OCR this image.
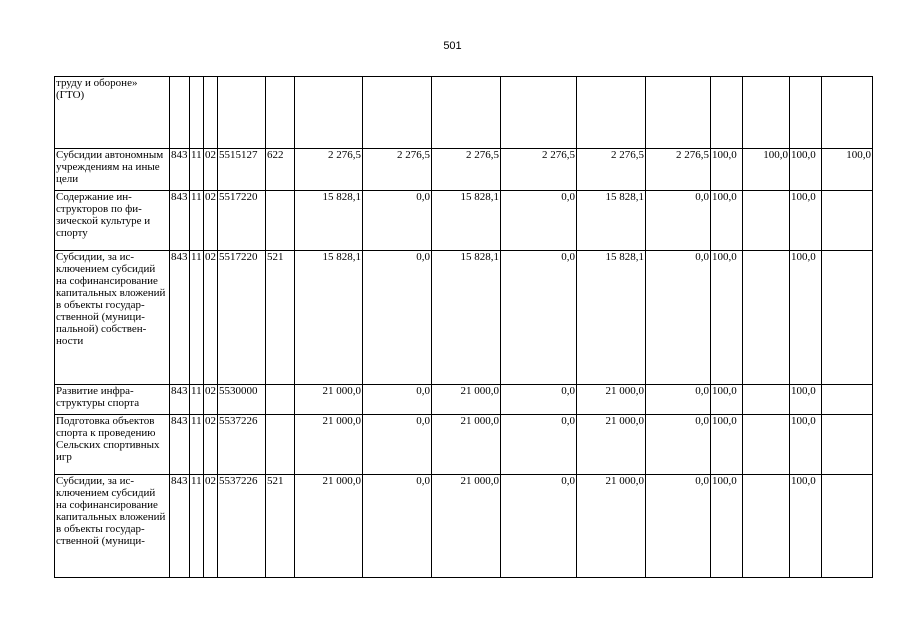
501
труду и обороне» (ГТО)															
Субсидии автономным учреждениям на иные цели	843	11	02	5515127	622	2 276,5	2 276,5	2 276,5	2 276,5	2 276,5	2 276,5	100,0	100,0	100,0	100,0
Содержание инструкторов по физической культуре и спорту	843	11	02	5517220		15 828,1	0,0	15 828,1	0,0	15 828,1	0,0	100,0		100,0	
Субсидии, за исключением субсидий на софинансирование капитальных вложений в объекты государственной (муниципальной) собственности	843	11	02	5517220	521	15 828,1	0,0	15 828,1	0,0	15 828,1	0,0	100,0		100,0	
Развитие инфраструктуры спорта	843	11	02	5530000		21 000,0	0,0	21 000,0	0,0	21 000,0	0,0	100,0		100,0	
Подготовка объектов спорта к проведению Сельских спортивных игр	843	11	02	5537226		21 000,0	0,0	21 000,0	0,0	21 000,0	0,0	100,0		100,0	
Субсидии, за исключением субсидий на софинансирование капитальных вложений в объекты государственной (муници-	843	11	02	5537226	521	21 000,0	0,0	21 000,0	0,0	21 000,0	0,0	100,0		100,0	
